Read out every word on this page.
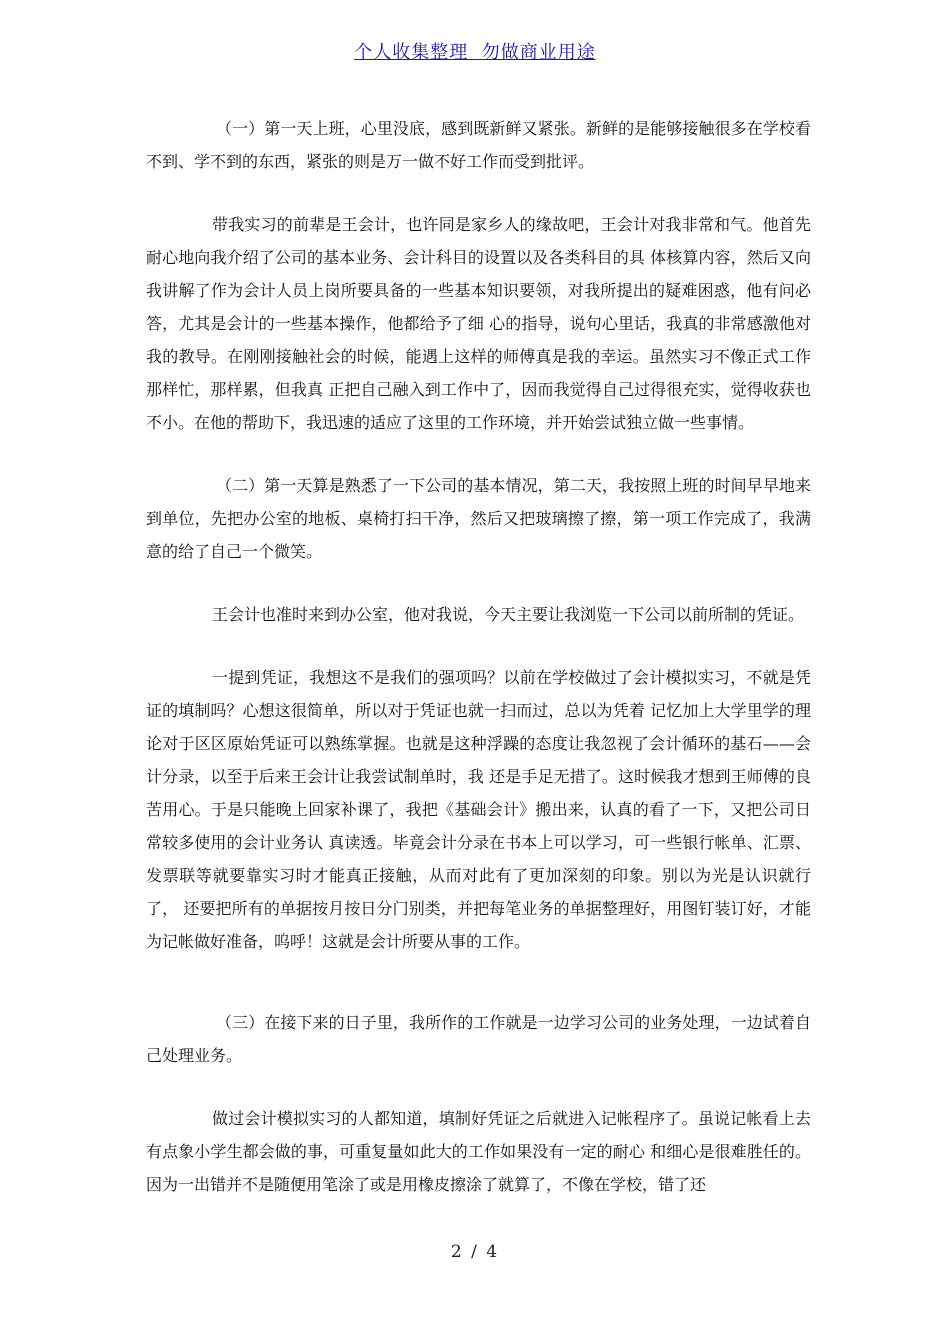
个人收集整理  勿做商业用途

（一）第一天上班，心里没底，感到既新鲜又紧张。新鲜的是能够接触很多在学校看不到、学不到的东西，紧张的则是万一做不好工作而受到批评。

带我实习的前辈是王会计，也许同是家乡人的缘故吧，王会计对我非常和气。他首先耐心地向我介绍了公司的基本业务、会计科目的设置以及各类科目的具 体核算内容，然后又向我讲解了作为会计人员上岗所要具备的一些基本知识要领，对我所提出的疑难困惑，他有问必答，尤其是会计的一些基本操作，他都给予了细 心的指导，说句心里话，我真的非常感激他对我的教导。在刚刚接触社会的时候，能遇上这样的师傅真是我的幸运。虽然实习不像正式工作那样忙，那样累，但我真 正把自己融入到工作中了，因而我觉得自己过得很充实，觉得收获也不小。在他的帮助下，我迅速的适应了这里的工作环境，并开始尝试独立做一些事情。

（二）第一天算是熟悉了一下公司的基本情况，第二天，我按照上班的时间早早地来到单位，先把办公室的地板、桌椅打扫干净，然后又把玻璃擦了擦，第一项工作完成了，我满意的给了自己一个微笑。

王会计也准时来到办公室，他对我说，今天主要让我浏览一下公司以前所制的凭证。

一提到凭证，我想这不是我们的强项吗？以前在学校做过了会计模拟实习，不就是凭证的填制吗？心想这很简单，所以对于凭证也就一扫而过，总以为凭着 记忆加上大学里学的理论对于区区原始凭证可以熟练掌握。也就是这种浮躁的态度让我忽视了会计循环的基石——会计分录，以至于后来王会计让我尝试制单时，我 还是手足无措了。这时候我才想到王师傅的良苦用心。于是只能晚上回家补课了，我把《基础会计》搬出来，认真的看了一下，又把公司日常较多使用的会计业务认 真读透。毕竟会计分录在书本上可以学习，可一些银行帐单、汇票、发票联等就要靠实习时才能真正接触，从而对此有了更加深刻的印象。别以为光是认识就行了， 还要把所有的单据按月按日分门别类，并把每笔业务的单据整理好，用图钉装订好，才能为记帐做好准备，呜呼！这就是会计所要从事的工作。

（三）在接下来的日子里，我所作的工作就是一边学习公司的业务处理，一边试着自己处理业务。

做过会计模拟实习的人都知道，填制好凭证之后就进入记帐程序了。虽说记帐看上去有点象小学生都会做的事，可重复量如此大的工作如果没有一定的耐心 和细心是很难胜任的。因为一出错并不是随便用笔涂了或是用橡皮擦涂了就算了，不像在学校，错了还

2 / 4
